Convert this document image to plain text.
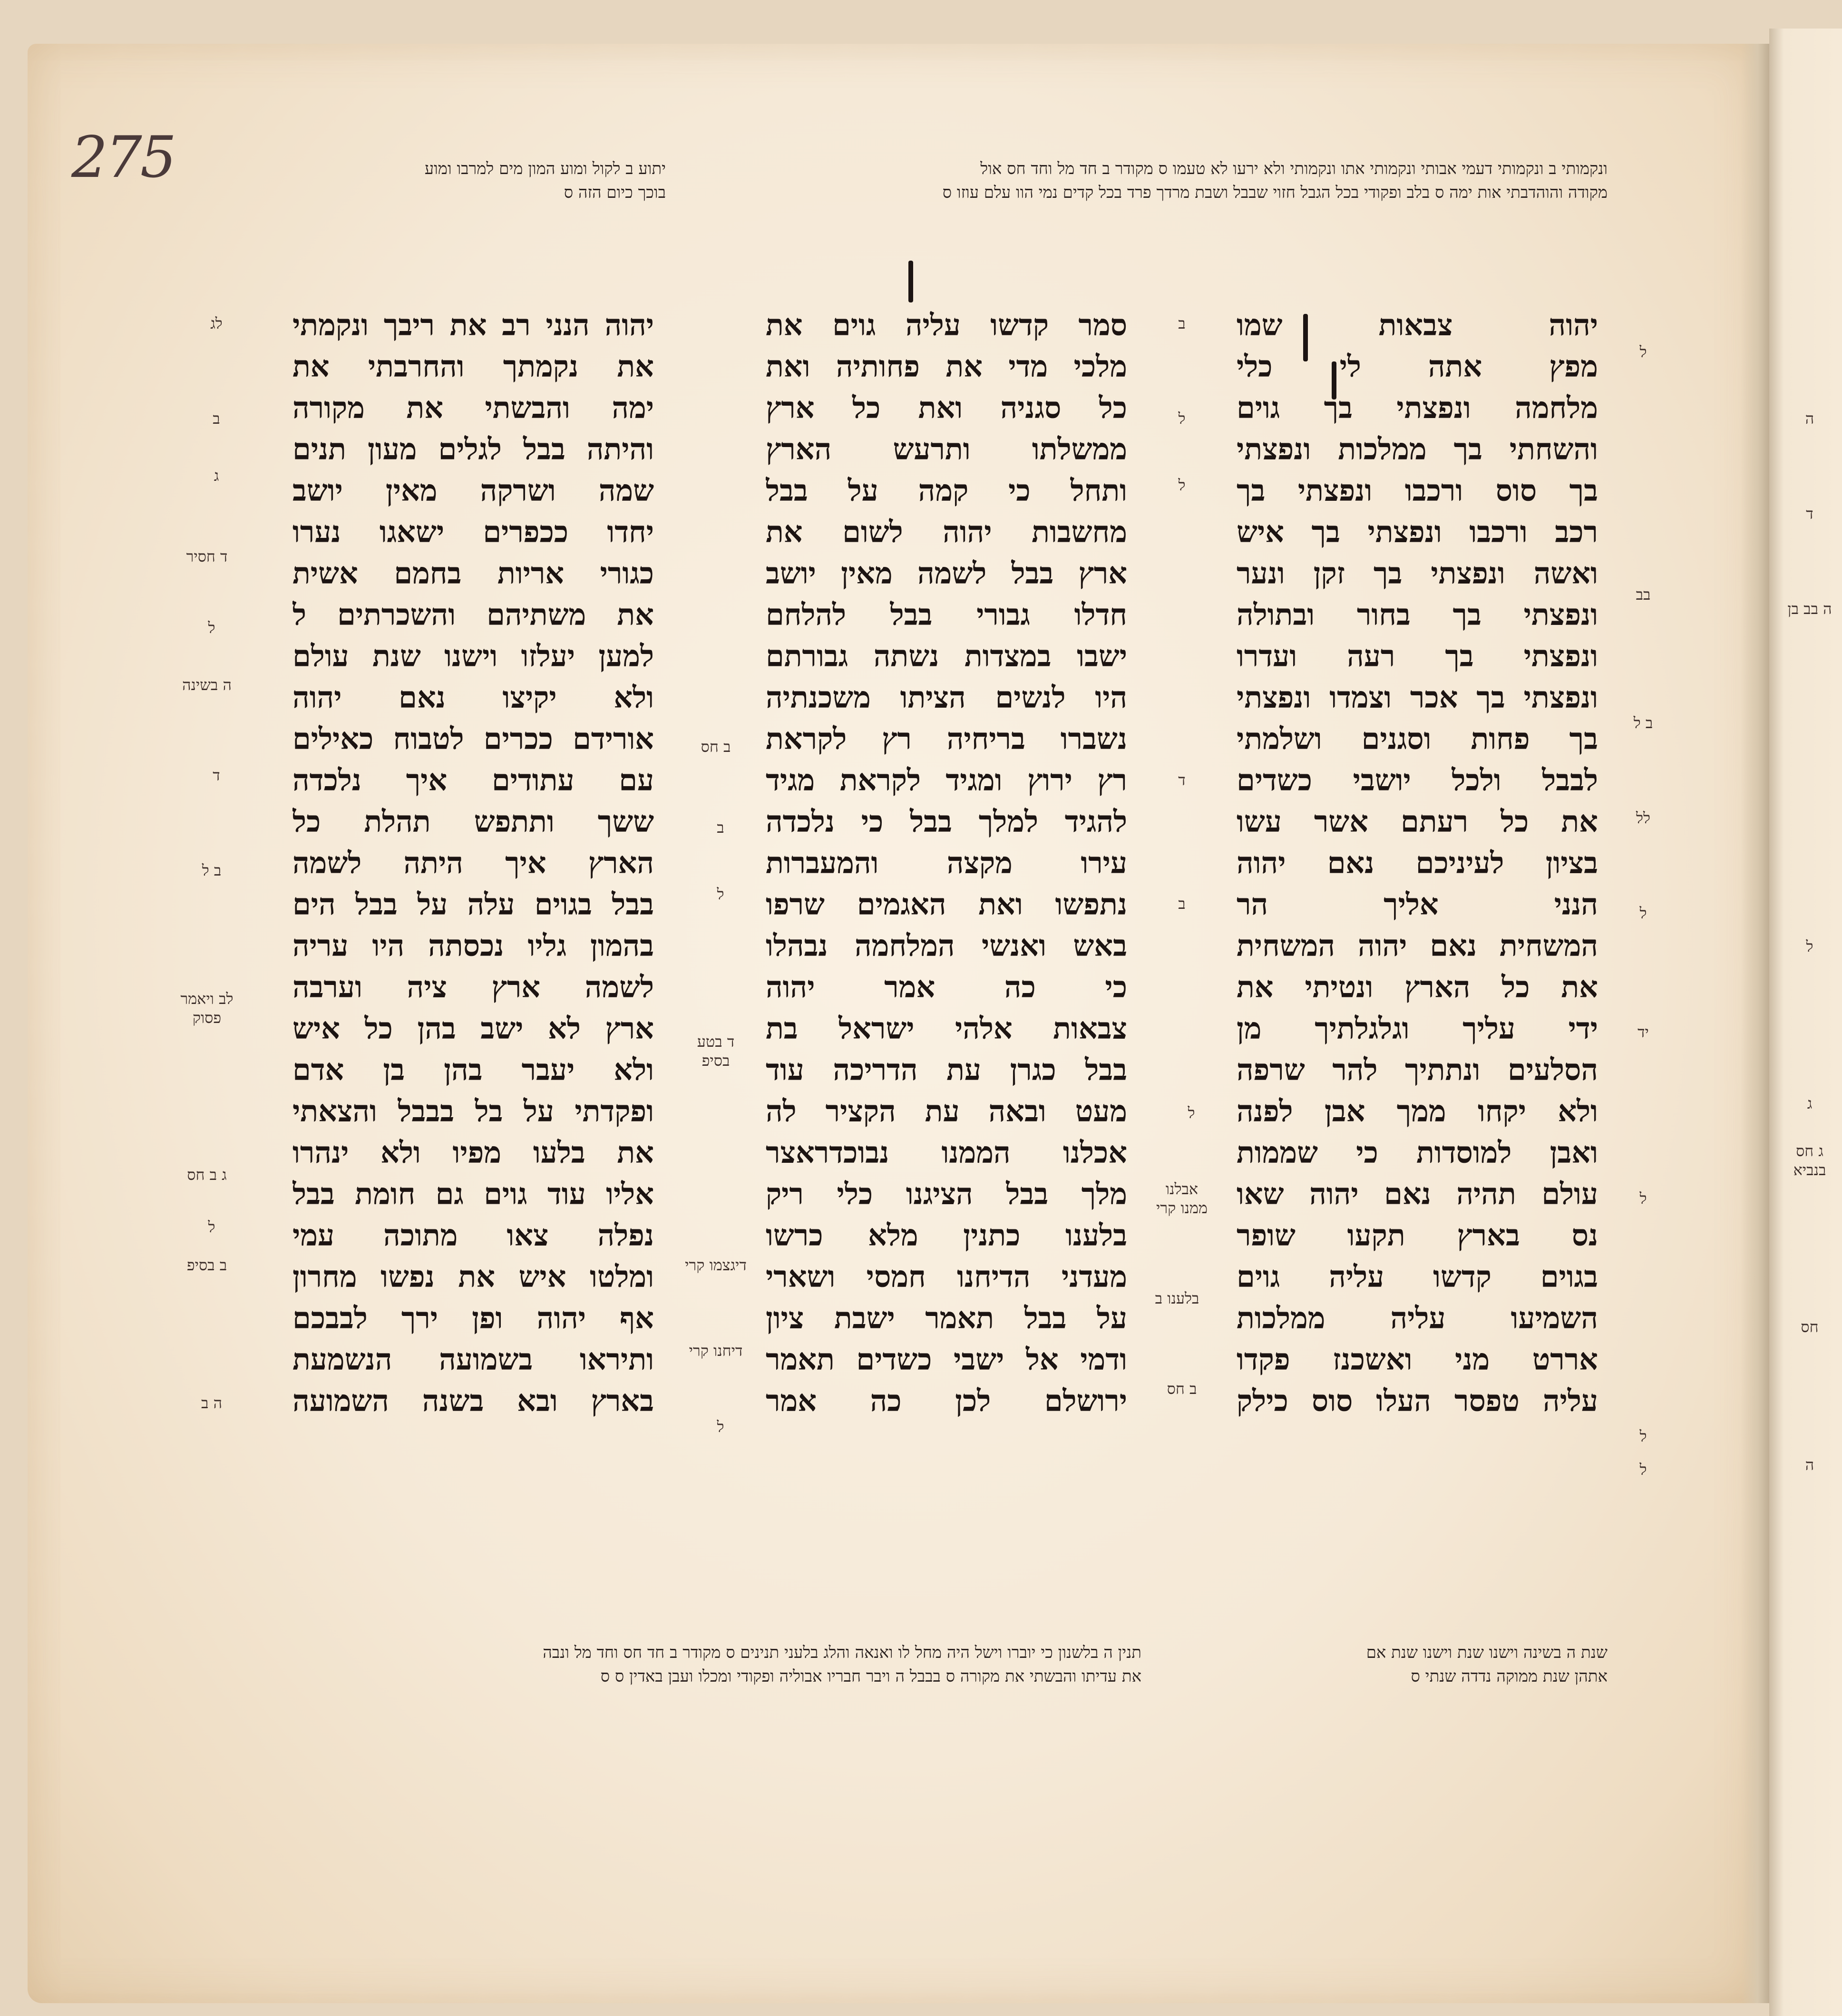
275	ונקמותי ב ונקמותי דעמי אבותי ונקמותי אתו ונקמותי ולא ירעו לא טעמו ס מקודר ב חד מל וחד חס אול
מקודה והוהדבתי אות ימה ס בלב ופקודי בכל הגבל חזוי שבבל ושבת מרדך פרד בכל קדים נמי הוו עלם עוזו ס
יתוע ב לקול ומוע המון מים למרבו ומוע
בוכך כיום הזה ס
יהוה צבאות שמו
מפץ אתה לי כלי
מלחמה ונפצתי בך גוים
והשחתי בך ממלכות ונפצתי
בך סוס ורכבו ונפצתי בך
רכב ורכבו ונפצתי בך איש
ואשה ונפצתי בך זקן ונער
ונפצתי בך בחור ובתולה
ונפצתי בך רעה ועדרו
ונפצתי בך אכר וצמדו ונפצתי
בך פחות וסגנים ושלמתי
לבבל ולכל יושבי כשדים
את כל רעתם אשר עשו
בציון לעיניכם נאם יהוה
הנני אליך הר
המשחית נאם יהוה המשחית
את כל הארץ ונטיתי את
ידי עליך וגלגלתיך מן
הסלעים ונתתיך להר שרפה
ולא יקחו ממך אבן לפנה
ואבן למוסדות כי שממות
עולם תהיה נאם יהוה שאו
נס בארץ תקעו שופר
בגוים קדשו עליה גוים
השמיעו עליה ממלכות
אררט מני ואשכנז פקדו
עליה טפסר העלו סוס כילק
סמר קדשו עליה גוים את
מלכי מדי את פחותיה ואת
כל סגניה ואת כל ארץ
ממשלתו ותרעש הארץ
ותחל כי קמה על בבל
מחשבות יהוה לשום את
ארץ בבל לשמה מאין יושב
חדלו גבורי בבל להלחם
ישבו במצדות נשתה גבורתם
היו לנשים הציתו משכנתיה
נשברו בריחיה רץ לקראת
רץ ירוץ ומגיד לקראת מגיד
להגיד למלך בבל כי נלכדה
עירו מקצה והמעברות
נתפשו ואת האגמים שרפו
באש ואנשי המלחמה נבהלו
כי כה אמר יהוה
צבאות אלהי ישראל בת
בבל כגרן עת הדריכה עוד
מעט ובאה עת הקציר לה
אכלנו הממנו נבוכדראצר
מלך בבל הציגנו כלי ריק
בלענו כתנין מלא כרשו
מעדני הדיחנו חמסי ושארי
על בבל תאמר ישבת ציון
ודמי אל ישבי כשדים תאמר
ירושלם לכן כה אמר
יהוה הנני רב את ריבך ונקמתי
את נקמתך והחרבתי את
ימה והבשתי את מקורה
והיתה בבל לגלים מעון תנים
שמה ושרקה מאין יושב
יחדו ככפרים ישאגו נערו
כגורי אריות בחמם אשית
את משתיהם והשכרתים ל
למען יעלזו וישנו שנת עולם
ולא יקיצו נאם יהוה
אורידם ככרים לטבוח כאילים
עם עתודים איך נלכדה
ששך ותתפש תהלת כל
הארץ איך היתה לשמה
בבל בגוים עלה על בבל הים
בהמון גליו נכסתה היו עריה
לשמה ארץ ציה וערבה
ארץ לא ישב בהן כל איש
ולא יעבר בהן בן אדם
ופקדתי על בל בבבל והצאתי
את בלעו מפיו ולא ינהרו
אליו עוד גוים גם חומת בבל
נפלה צאו מתוכה עמי
ומלטו איש את נפשו מחרון
אף יהוה ופן ירך לבבכם
ותיראו בשמועה הנשמעת
בארץ ובא בשנה השמועה
לג
ב
ג
ד חסיר
ל
ה בשינה
ד
ב ל
לב ויאמר פסוק
ג ב חס
ל
ב בסיפ
ה ב
ב חס
ב
ל
ד בטע בסיפ
דיגצמו קרי
דיחנו קרי
ל
ב
ל
ל
ד
ב
ל
אבלנו ממנו קרי
בלענו ב
ב חס
ל
בב
ב ל
לל
ל
יד
ל
ל
ל
ה
ד
ה בב בן
ל
ג
ג חס בנביא
חס
ה
שנת ה בשינה וישנו שנת וישנו שנת אם
אתהן שנת ממוקה נדדה שנתי ס
תנין ה בלשנון כי יוברו וישל היה מחל לו ואנאה והלג בלעני תנינים ס מקודר ב חד חס וחד מל ונבה
את עדיתו והבשתי את מקורה ס בבבל ה ויבר חבריו אבוליה ופקודי ומכלו ועבן באדין ס ס
